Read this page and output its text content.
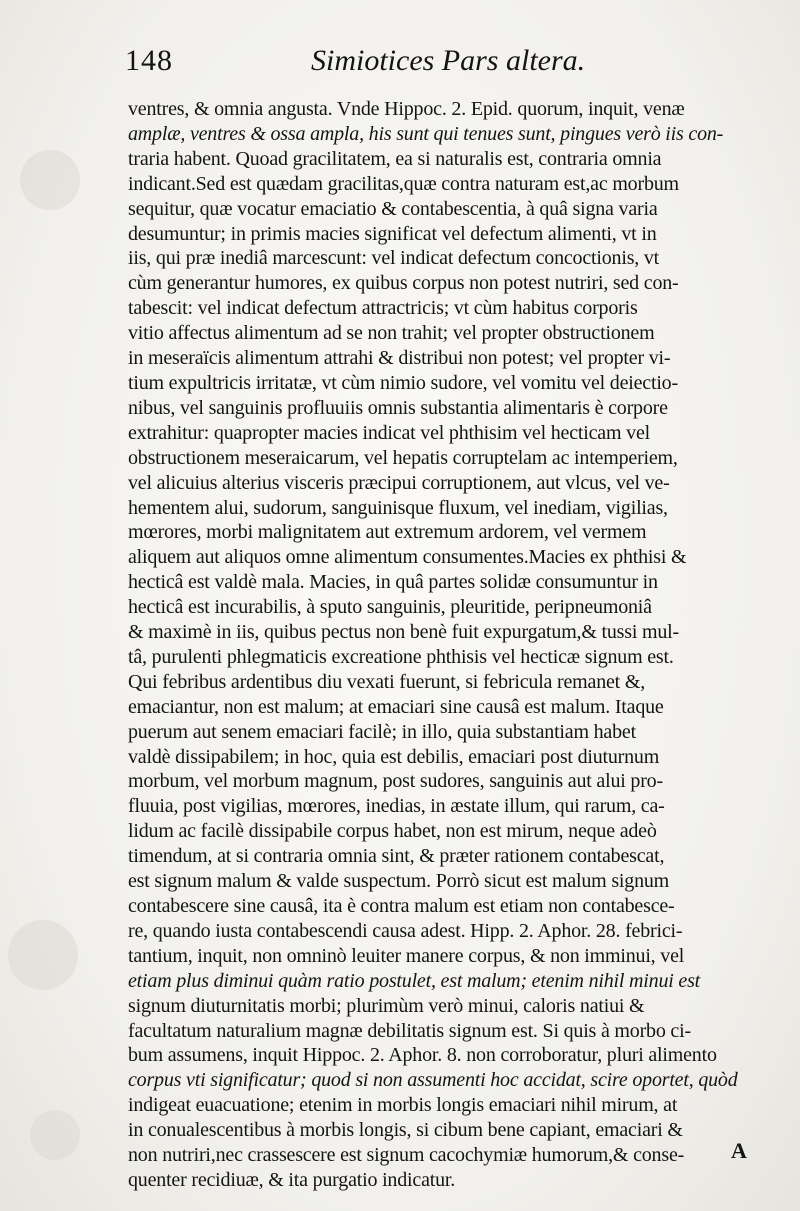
148	Simiotices Pars altera.
ventres, & omnia angusta. Vnde Hippoc. 2. Epid. quorum, inquit, venæ
amplæ, ventres & ossa ampla, his sunt qui tenues sunt, pingues verò iis con-
traria habent. Quoad gracilitatem, ea si naturalis est, contraria omnia
indicant.Sed est quædam gracilitas,quæ contra naturam est,ac morbum
sequitur, quæ vocatur emaciatio & contabescentia, à quâ signa varia
desumuntur; in primis macies significat vel defectum alimenti, vt in
iis, qui præ inediâ marcescunt: vel indicat defectum concoctionis, vt
cùm generantur humores, ex quibus corpus non potest nutriri, sed con-
tabescit: vel indicat defectum attractricis; vt cùm habitus corporis
vitio affectus alimentum ad se non trahit; vel propter obstructionem
in meseraïcis alimentum attrahi & distribui non potest; vel propter vi-
tium expultricis irritatæ, vt cùm nimio sudore, vel vomitu vel deiectio-
nibus, vel sanguinis profluuiis omnis substantia alimentaris è corpore
extrahitur: quapropter macies indicat vel phthisim vel hecticam vel
obstructionem meseraicarum, vel hepatis corruptelam ac intemperiem,
vel alicuius alterius visceris præcipui corruptionem, aut vlcus, vel ve-
hementem alui, sudorum, sanguinisque fluxum, vel inediam, vigilias,
mœrores, morbi malignitatem aut extremum ardorem, vel vermem
aliquem aut aliquos omne alimentum consumentes.Macies ex phthisi &
hecticâ est valdè mala. Macies, in quâ partes solidæ consumuntur in
hecticâ est incurabilis, à sputo sanguinis, pleuritide, peripneumoniâ
& maximè in iis, quibus pectus non benè fuit expurgatum,& tussi mul-
tâ, purulenti phlegmaticis excreatione phthisis vel hecticæ signum est.
Qui febribus ardentibus diu vexati fuerunt, si febricula remanet &,
emaciantur, non est malum; at emaciari sine causâ est malum. Itaque
puerum aut senem emaciari facilè; in illo, quia substantiam habet
valdè dissipabilem; in hoc, quia est debilis, emaciari post diuturnum
morbum, vel morbum magnum, post sudores, sanguinis aut alui pro-
fluuia, post vigilias, mœrores, inedias, in æstate illum, qui rarum, ca-
lidum ac facilè dissipabile corpus habet, non est mirum, neque adeò
timendum, at si contraria omnia sint, & præter rationem contabescat,
est signum malum & valde suspectum. Porrò sicut est malum signum
contabescere sine causâ, ita è contra malum est etiam non contabesce-
re, quando iusta contabescendi causa adest. Hipp. 2. Aphor. 28. febrici-
tantium, inquit, non omninò leuiter manere corpus, & non imminui, vel
etiam plus diminui quàm ratio postulet, est malum; etenim nihil minui est
signum diuturnitatis morbi; plurimùm verò minui, caloris natiui &
facultatum naturalium magnæ debilitatis signum est. Si quis à morbo ci-
bum assumens, inquit Hippoc. 2. Aphor. 8. non corroboratur, pluri alimento
corpus vti significatur; quod si non assumenti hoc accidat, scire oportet, quòd
indigeat euacuatione; etenim in morbis longis emaciari nihil mirum, at
in conualescentibus à morbis longis, si cibum bene capiant, emaciari &
non nutriri,nec crassescere est signum cacochymiæ humorum,& conse-
quenter recidiuæ, & ita purgatio indicatur.
A
